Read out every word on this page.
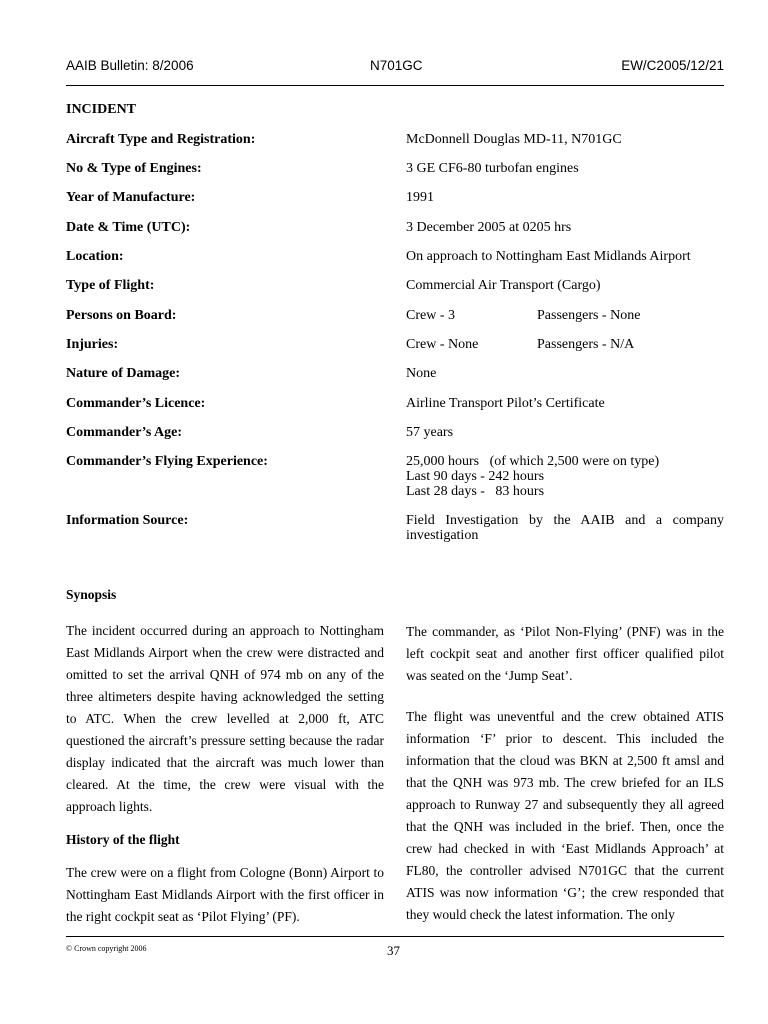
AAIB Bulletin: 8/2006	N701GC	EW/C2005/12/21
INCIDENT
Aircraft Type and Registration:	McDonnell Douglas MD-11, N701GC
No & Type of Engines:	3 GE CF6-80 turbofan engines
Year of Manufacture:	1991
Date & Time (UTC):	3 December 2005 at 0205 hrs
Location:	On approach to Nottingham East Midlands Airport
Type of Flight:	Commercial Air Transport (Cargo)
Persons on Board:	Crew - 3	Passengers - None
Injuries:	Crew - None	Passengers - N/A
Nature of Damage:	None
Commander’s Licence:	Airline Transport Pilot’s Certificate
Commander’s Age:	57 years
Commander’s Flying Experience:	25,000 hours   (of which 2,500 were on type)
Last 90 days - 242 hours
Last 28 days -   83 hours
Information Source:	Field Investigation by the AAIB and a company investigation
Synopsis

The incident occurred during an approach to Nottingham East Midlands Airport when the crew were distracted and omitted to set the arrival QNH of 974 mb on any of the three altimeters despite having acknowledged the setting to ATC. When the crew levelled at 2,000 ft, ATC questioned the aircraft’s pressure setting because the radar display indicated that the aircraft was much lower than cleared. At the time, the crew were visual with the approach lights.

History of the flight

The crew were on a flight from Cologne (Bonn) Airport to Nottingham East Midlands Airport with the first officer in the right cockpit seat as ‘Pilot Flying’ (PF).

The commander, as ‘Pilot Non-Flying’ (PNF) was in the left cockpit seat and another first officer qualified pilot was seated on the ‘Jump Seat’.

The flight was uneventful and the crew obtained ATIS information ‘F’ prior to descent. This included the information that the cloud was BKN at 2,500 ft amsl and that the QNH was 973 mb. The crew briefed for an ILS approach to Runway 27 and subsequently they all agreed that the QNH was included in the brief. Then, once the crew had checked in with ‘East Midlands Approach’ at FL80, the controller advised N701GC that the current ATIS was now information ‘G’; the crew responded that they would check the latest information. The only

© Crown copyright 2006	37
